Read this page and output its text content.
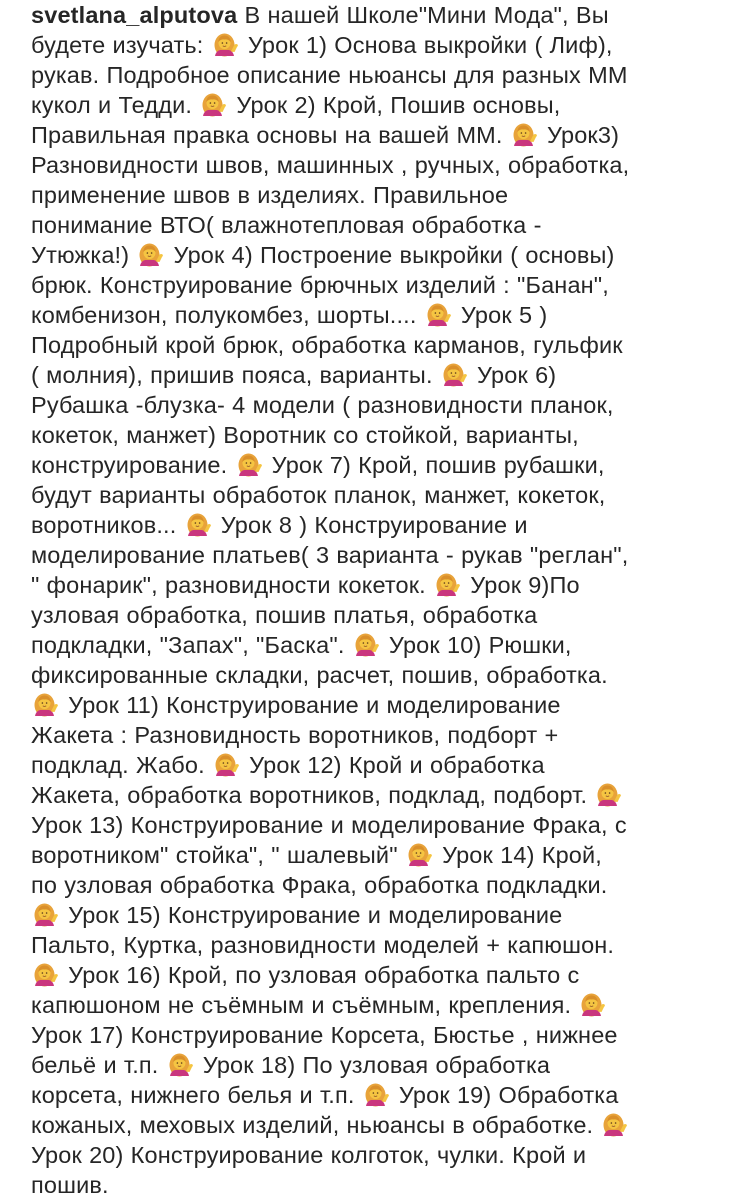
svetlana_alputova В нашей Школе"Мини Мода", Вы
будете изучать:
Урок 1) Основа выкройки ( Лиф),
рукав. Подробное описание ньюансы для разных ММ
кукол и Тедди.
Урок 2) Крой, Пошив основы,
Правильная правка основы на вашей ММ.
Урок3)
Разновидности швов, машинных , ручных, обработка,
применение швов в изделиях. Правильное
понимание ВТО( влажнотепловая обработка -
Утюжка!)
Урок 4) Построение выкройки ( основы)
брюк. Конструирование брючных изделий : "Банан",
комбенизон, полукомбез, шорты....
Урок 5 )
Подробный крой брюк, обработка карманов, гульфик
( молния), пришив пояса, варианты.
Урок 6)
Рубашка -блузка- 4 модели ( разновидности планок,
кокеток, манжет) Воротник со стойкой, варианты,
конструирование.
Урок 7) Крой, пошив рубашки,
будут варианты обработок планок, манжет, кокеток,
воротников...
Урок 8 ) Конструирование и
моделирование платьев( 3 варианта - рукав "реглан",
" фонарик", разновидности кокеток.
Урок 9)По
узловая обработка, пошив платья, обработка
подкладки, "Запах", "Баска".
Урок 10) Рюшки,
фиксированные складки, расчет, пошив, обработка.
Урок 11) Конструирование и моделирование
Жакета : Разновидность воротников, подборт +
подклад. Жабо.
Урок 12) Крой и обработка
Жакета, обработка воротников, подклад, подборт.
Урок 13) Конструирование и моделирование Фрака, с
воротником" стойка", " шалевый"
Урок 14) Крой,
по узловая обработка Фрака, обработка подкладки.
Урок 15) Конструирование и моделирование
Пальто, Куртка, разновидности моделей + капюшон.
Урок 16) Крой, по узловая обработка пальто с
капюшоном не съёмным и съёмным, крепления.
Урок 17) Конструирование Корсета, Бюстье , нижнее
бельё и т.п.
Урок 18) По узловая обработка
корсета, нижнего белья и т.п.
Урок 19) Обработка
кожаных, меховых изделий, ньюансы в обработке.
Урок 20) Конструирование колготок, чулки. Крой и
пошив.
